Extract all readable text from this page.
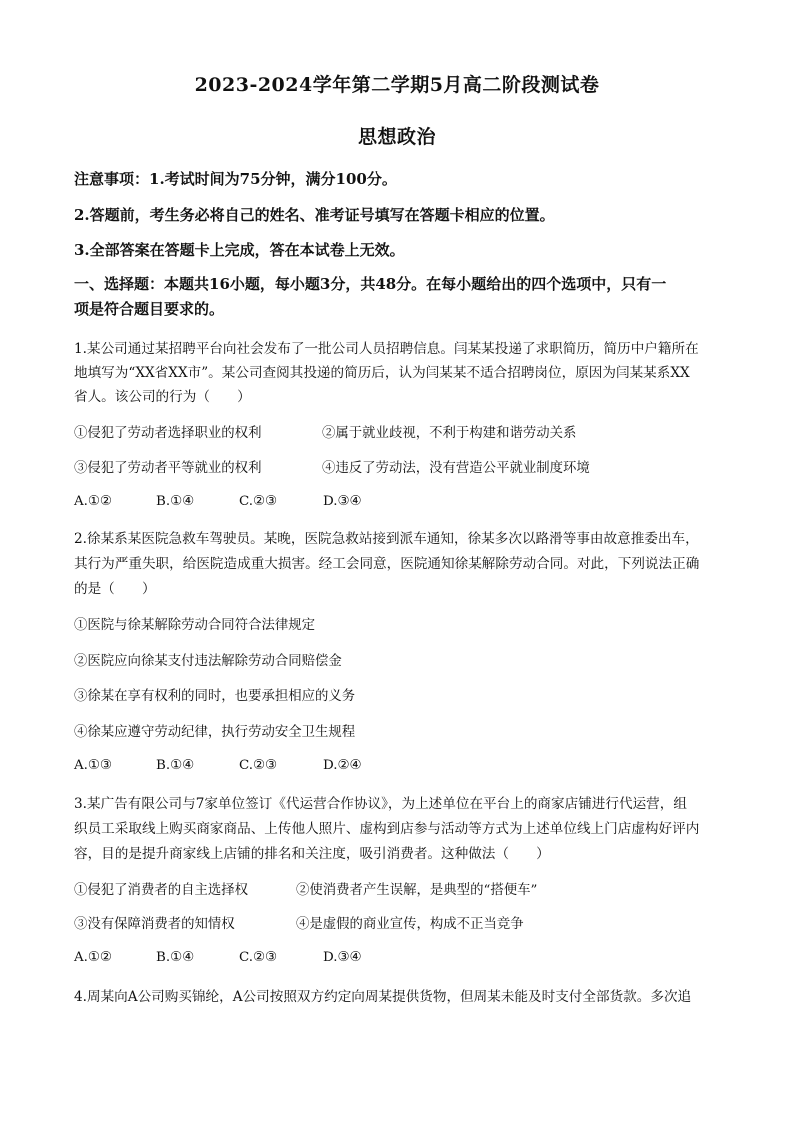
2023-2024学年第二学期5月高二阶段测试卷
思想政治
注意事项：1.考试时间为75分钟，满分100分。
2.答题前，考生务必将自己的姓名、准考证号填写在答题卡相应的位置。
3.全部答案在答题卡上完成，答在本试卷上无效。
一、选择题：本题共16小题，每小题3分，共48分。在每小题给出的四个选项中，只有一
项是符合题目要求的。
1.某公司通过某招聘平台向社会发布了一批公司人员招聘信息。闫某某投递了求职简历，简历中户籍所在
地填写为“XX省XX市”。某公司查阅其投递的简历后，认为闫某某不适合招聘岗位，原因为闫某某系XX
省人。该公司的行为（　　）
①侵犯了劳动者选择职业的权利	②属于就业歧视，不利于构建和谐劳动关系
③侵犯了劳动者平等就业的权利	④违反了劳动法，没有营造公平就业制度环境
A.①②	B.①④	C.②③	D.③④
2.徐某系某医院急救车驾驶员。某晚，医院急救站接到派车通知，徐某多次以路滑等事由故意推委出车，
其行为严重失职，给医院造成重大损害。经工会同意，医院通知徐某解除劳动合同。对此，下列说法正确
的是（　　）
①医院与徐某解除劳动合同符合法律规定
②医院应向徐某支付违法解除劳动合同赔偿金
③徐某在享有权利的同时，也要承担相应的义务
④徐某应遵守劳动纪律，执行劳动安全卫生规程
A.①③	B.①④	C.②③	D.②④
3.某广告有限公司与7家单位签订《代运营合作协议》，为上述单位在平台上的商家店铺进行代运营，组
织员工采取线上购买商家商品、上传他人照片、虚构到店参与活动等方式为上述单位线上门店虚构好评内
容，目的是提升商家线上店铺的排名和关注度，吸引消费者。这种做法（　　）
①侵犯了消费者的自主选择权	②使消费者产生误解，是典型的“搭便车”
③没有保障消费者的知情权	④是虚假的商业宣传，构成不正当竞争
A.①②	B.①④	C.②③	D.③④
4.周某向A公司购买锦纶，A公司按照双方约定向周某提供货物，但周某未能及时支付全部货款。多次追
